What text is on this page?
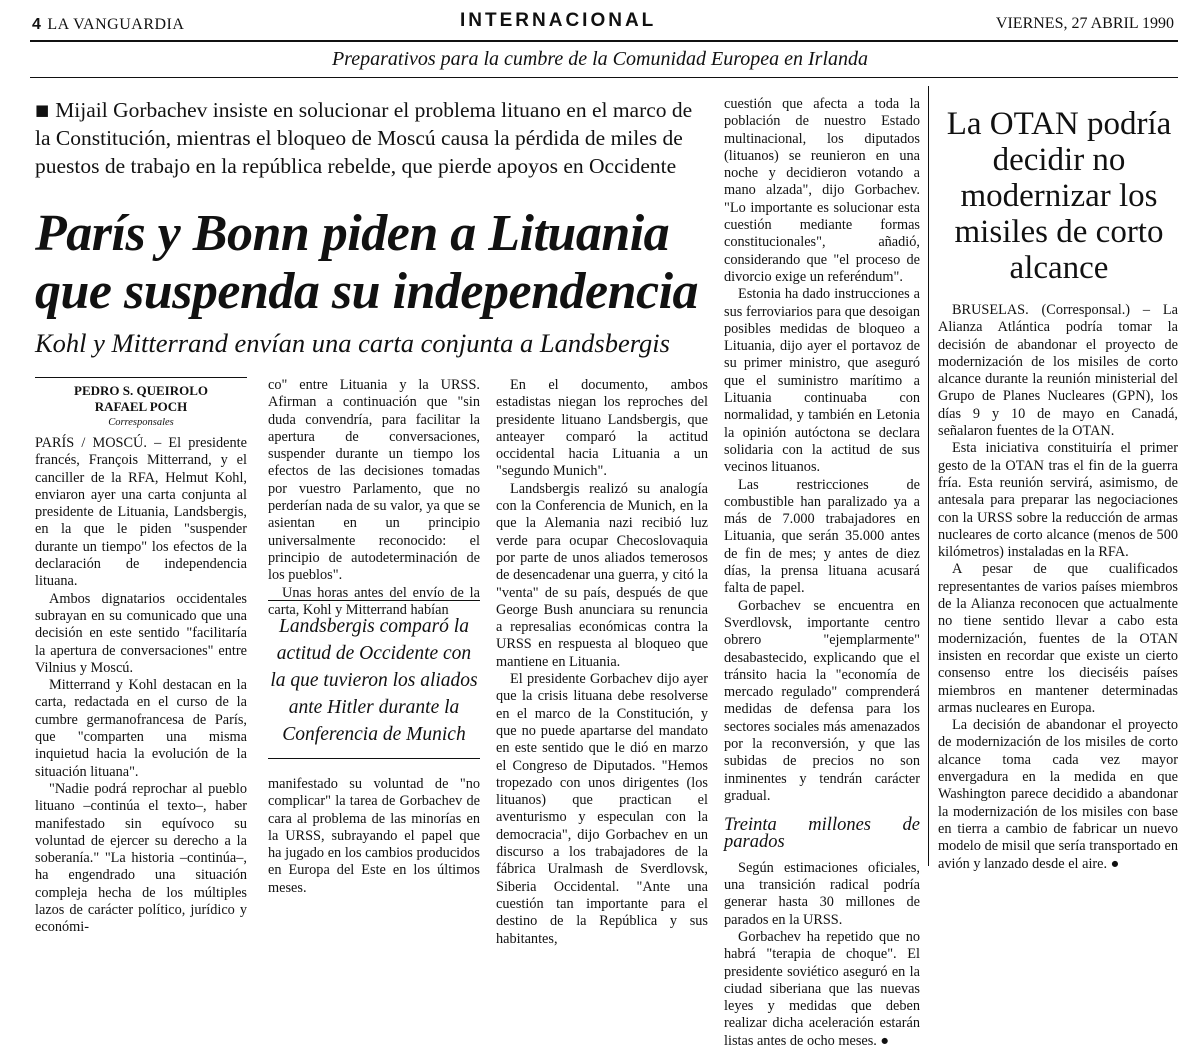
4 LA VANGUARDIA	INTERNACIONAL	VIERNES, 27 ABRIL 1990
Preparativos para la cumbre de la Comunidad Europea en Irlanda
■ Mijail Gorbachev insiste en solucionar el problema lituano en el marco de la Constitución, mientras el bloqueo de Moscú causa la pérdida de miles de puestos de trabajo en la república rebelde, que pierde apoyos en Occidente
París y Bonn piden a Lituania
que suspenda su independencia
Kohl y Mitterrand envían una carta conjunta a Landsbergis
PEDRO S. QUEIROLO
RAFAEL POCH
Corresponsales

PARÍS / MOSCÚ. – El presidente francés, François Mitterrand, y el canciller de la RFA, Helmut Kohl, enviaron ayer una carta conjunta al presidente de Lituania, Landsbergis, en la que le piden "suspender durante un tiempo" los efectos de la declaración de independencia lituana.

Ambos dignatarios occidentales subrayan en su comunicado que una decisión en este sentido "facilitaría la apertura de conversaciones" entre Vilnius y Moscú.

Mitterrand y Kohl destacan en la carta, redactada en el curso de la cumbre germanofrancesa de París, que "comparten una misma inquietud hacia la evolución de la situación lituana".

"Nadie podrá reprochar al pueblo lituano –continúa el texto–, haber manifestado sin equívoco su voluntad de ejercer su derecho a la soberanía." "La historia –continúa–, ha engendrado una situación compleja hecha de los múltiples lazos de carácter político, jurídico y económi-

co" entre Lituania y la URSS. Afirman a continuación que "sin duda convendría, para facilitar la apertura de conversaciones, suspender durante un tiempo los efectos de las decisiones tomadas por vuestro Parlamento, que no perderían nada de su valor, ya que se asientan en un principio universalmente reconocido: el principio de autodeterminación de los pueblos".

Unas horas antes del envío de la carta, Kohl y Mitterrand habían

Landsbergis comparó la actitud de Occidente con la que tuvieron los aliados ante Hitler durante la Conferencia de Munich

manifestado su voluntad de "no complicar" la tarea de Gorbachev de cara al problema de las minorías en la URSS, subrayando el papel que ha jugado en los cambios producidos en Europa del Este en los últimos meses.

En el documento, ambos estadistas niegan los reproches del presidente lituano Landsbergis, que anteayer comparó la actitud occidental hacia Lituania a un "segundo Munich".

Landsbergis realizó su analogía con la Conferencia de Munich, en la que la Alemania nazi recibió luz verde para ocupar Checoslovaquia por parte de unos aliados temerosos de desencadenar una guerra, y citó la "venta" de su país, después de que George Bush anunciara su renuncia a represalias económicas contra la URSS en respuesta al bloqueo que mantiene en Lituania.

El presidente Gorbachev dijo ayer que la crisis lituana debe resolverse en el marco de la Constitución, y que no puede apartarse del mandato en este sentido que le dió en marzo el Congreso de Diputados. "Hemos tropezado con unos dirigentes (los lituanos) que practican el aventurismo y especulan con la democracia", dijo Gorbachev en un discurso a los trabajadores de la fábrica Uralmash de Sverdlovsk, Siberia Occidental. "Ante una cuestión tan importante para el destino de la República y sus habitantes,

cuestión que afecta a toda la población de nuestro Estado multinacional, los diputados (lituanos) se reunieron en una noche y decidieron votando a mano alzada", dijo Gorbachev. "Lo importante es solucionar esta cuestión mediante formas constitucionales", añadió, considerando que "el proceso de divorcio exige un referéndum".

Estonia ha dado instrucciones a sus ferroviarios para que desoigan posibles medidas de bloqueo a Lituania, dijo ayer el portavoz de su primer ministro, que aseguró que el suministro marítimo a Lituania continuaba con normalidad, y también en Letonia la opinión autóctona se declara solidaria con la actitud de sus vecinos lituanos.

Las restricciones de combustible han paralizado ya a más de 7.000 trabajadores en Lituania, que serán 35.000 antes de fin de mes; y antes de diez días, la prensa lituana acusará falta de papel.

Gorbachev se encuentra en Sverdlovsk, importante centro obrero "ejemplarmente" desabastecido, explicando que el tránsito hacia la "economía de mercado regulado" comprenderá medidas de defensa para los sectores sociales más amenazados por la reconversión, y que las subidas de precios no son inminentes y tendrán carácter gradual.

Treinta millones de parados

Según estimaciones oficiales, una transición radical podría generar hasta 30 millones de parados en la URSS.

Gorbachev ha repetido que no habrá "terapia de choque". El presidente soviético aseguró en la ciudad siberiana que las nuevas leyes y medidas que deben realizar dicha aceleración estarán listas antes de ocho meses. ●

La OTAN podría decidir no modernizar los misiles de corto alcance

BRUSELAS. (Corresponsal.) – La Alianza Atlántica podría tomar la decisión de abandonar el proyecto de modernización de los misiles de corto alcance durante la reunión ministerial del Grupo de Planes Nucleares (GPN), los días 9 y 10 de mayo en Canadá, señalaron fuentes de la OTAN.

Esta iniciativa constituiría el primer gesto de la OTAN tras el fin de la guerra fría. Esta reunión servirá, asimismo, de antesala para preparar las negociaciones con la URSS sobre la reducción de armas nucleares de corto alcance (menos de 500 kilómetros) instaladas en la RFA.

A pesar de que cualificados representantes de varios países miembros de la Alianza reconocen que actualmente no tiene sentido llevar a cabo esta modernización, fuentes de la OTAN insisten en recordar que existe un cierto consenso entre los dieciséis países miembros en mantener determinadas armas nucleares en Europa.

La decisión de abandonar el proyecto de modernización de los misiles de corto alcance toma cada vez mayor envergadura en la medida en que Washington parece decidido a abandonar la modernización de los misiles con base en tierra a cambio de fabricar un nuevo modelo de misil que sería transportado en avión y lanzado desde el aire. ●
